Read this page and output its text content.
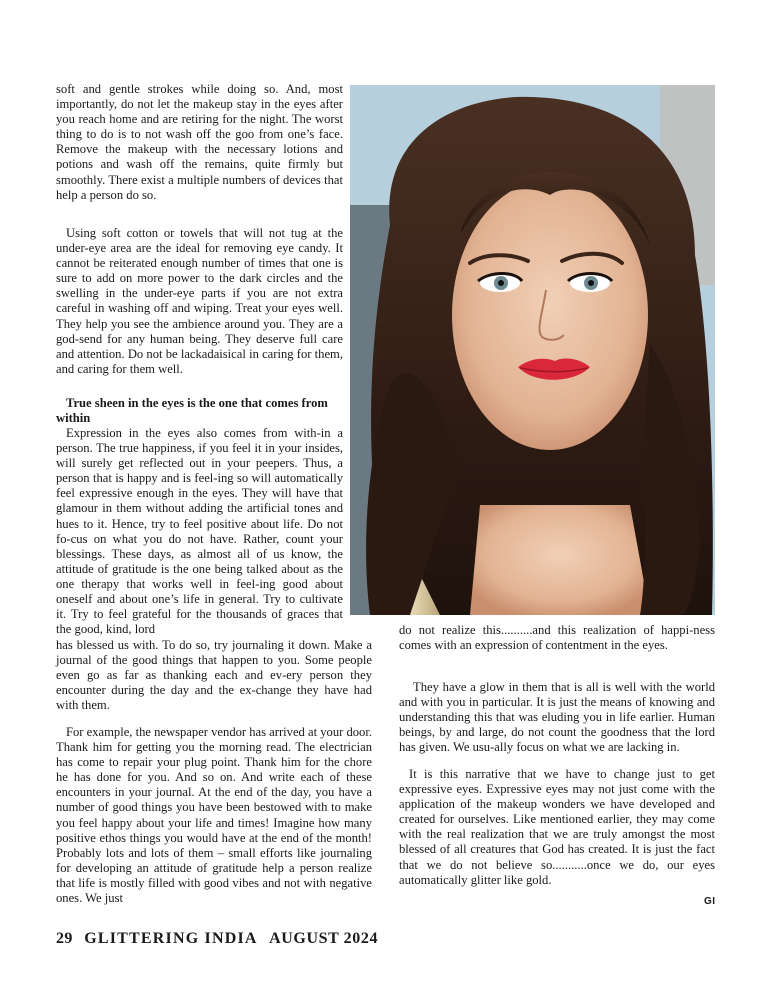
soft and gentle strokes while doing so. And, most importantly, do not let the makeup stay in the eyes after you reach home and are retiring for the night. The worst thing to do is to not wash off the goo from one’s face. Remove the makeup with the necessary lotions and potions and wash off the remains, quite firmly but smoothly. There exist a multiple numbers of devices that help a person do so.

Using soft cotton or towels that will not tug at the under-eye area are the ideal for removing eye candy. It cannot be reiterated enough number of times that one is sure to add on more power to the dark circles and the swelling in the under-eye parts if you are not extra careful in washing off and wiping. Treat your eyes well. They help you see the ambience around you. They are a god-send for any human being. They deserve full care and attention. Do not be lackadaisical in caring for them, and caring for them well.

True sheen in the eyes is the one that comes from within

Expression in the eyes also comes from with-in a person. The true happiness, if you feel it in your insides, will surely get reflected out in your peepers. Thus, a person that is happy and is feel-ing so will automatically feel expressive enough in the eyes. They will have that glamour in them without adding the artificial tones and hues to it. Hence, try to feel positive about life. Do not fo-cus on what you do not have. Rather, count your blessings. These days, as almost all of us know, the attitude of gratitude is the one being talked about as the one therapy that works well in feel-ing good about oneself and about one’s life in general. Try to cultivate it. Try to feel grateful for the thousands of graces that the good, kind, lord

has blessed us with. To do so, try journaling it down. Make a journal of the good things that happen to you. Some people even go as far as thanking each and ev-ery person they encounter during the day and the ex-change they have had with them.

For example, the newspaper vendor has arrived at your door. Thank him for getting you the morning read. The electrician has come to repair your plug point. Thank him for the chore he has done for you. And so on. And write each of these encounters in your journal. At the end of the day, you have a number of good things you have been bestowed with to make you feel happy about your life and times! Imagine how many positive ethos things you would have at the end of the month! Probably lots and lots of them – small efforts like journaling for developing an attitude of gratitude help a person realize that life is mostly filled with good vibes and not with negative ones. We just

do not realize this..........and this realization of happi-ness comes with an expression of contentment in the eyes.

They have a glow in them that is all is well with the world and with you in particular. It is just the means of knowing and understanding this that was eluding you in life earlier. Human beings, by and large, do not count the goodness that the lord has given. We usu-ally focus on what we are lacking in.

It is this narrative that we have to change just to get expressive eyes. Expressive eyes may not just come with the application of the makeup wonders we have developed and created for ourselves. Like mentioned earlier, they may come with the real realization that we are truly amongst the most blessed of all creatures that God has created. It is just the fact that we do not believe so...........once we do, our eyes automatically glitter like gold.

GI
29 GLITTERING INDIA AUGUST 2024
